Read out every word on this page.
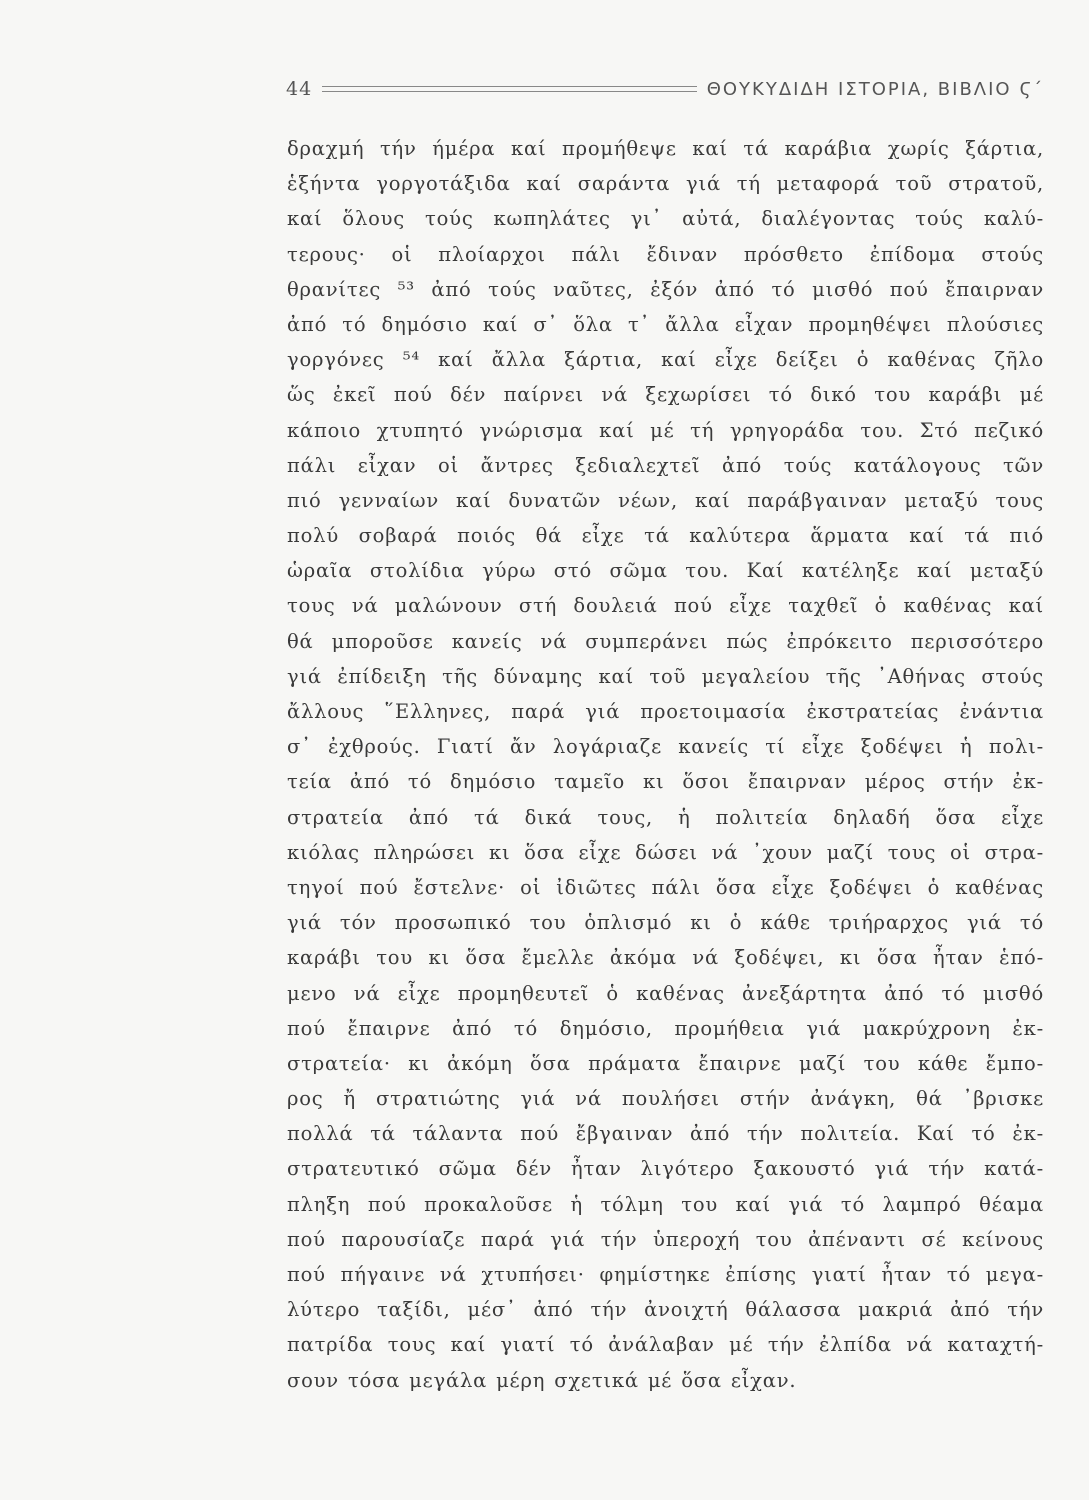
44	ΘΟΥΚΥΔΙΔΗ ΙΣΤΟΡΙΑ, ΒΙΒΛΙΟ Ϛ΄
δραχμή τήν ήμέρα καί προμήθεψε καί τά καράβια χωρίς ξάρτια,
ἑξήντα γοργοτάξιδα καί σαράντα γιά τή μεταφορά τοῦ στρατοῦ,
καί ὅλους τούς κωπηλάτες γι᾿ αὐτά, διαλέγοντας τούς καλύ-
τερους· οἱ πλοίαρχοι πάλι ἔδιναν πρόσθετο ἐπίδομα στούς
θρανίτες ⁵³ ἀπό τούς ναῦτες, ἐξόν ἀπό τό μισθό πού ἔπαιρναν
ἀπό τό δημόσιο καί σ᾿ ὅλα τ᾿ ἄλλα εἶχαν προμηθέψει πλούσιες
γοργόνες ⁵⁴ καί ἄλλα ξάρτια, καί εἶχε δείξει ὁ καθένας ζῆλο
ὥς ἐκεῖ πού δέν παίρνει νά ξεχωρίσει τό δικό του καράβι μέ
κάποιο χτυπητό γνώρισμα καί μέ τή γρηγοράδα του. Στό πεζικό
πάλι εἶχαν οἱ ἄντρες ξεδιαλεχτεῖ ἀπό τούς κατάλογους τῶν
πιό γενναίων καί δυνατῶν νέων, καί παράβγαιναν μεταξύ τους
πολύ σοβαρά ποιός θά εἶχε τά καλύτερα ἅρματα καί τά πιό
ὡραῖα στολίδια γύρω στό σῶμα του. Καί κατέληξε καί μεταξύ
τους νά μαλώνουν στή δουλειά πού εἶχε ταχθεῖ ὁ καθένας καί
θά μποροῦσε κανείς νά συμπεράνει πώς ἐπρόκειτο περισσότερο
γιά ἐπίδειξη τῆς δύναμης καί τοῦ μεγαλείου τῆς ᾿Αθήνας στούς
ἄλλους ῞Ελληνες, παρά γιά προετοιμασία ἐκστρατείας ἐνάντια
σ᾿ ἐχθρούς. Γιατί ἄν λογάριαζε κανείς τί εἶχε ξοδέψει ἡ πολι-
τεία ἀπό τό δημόσιο ταμεῖο κι ὅσοι ἔπαιρναν μέρος στήν ἐκ-
στρατεία ἀπό τά δικά τους, ἡ πολιτεία δηλαδή ὅσα εἶχε
κιόλας πληρώσει κι ὅσα εἶχε δώσει νά ᾿χουν μαζί τους οἱ στρα-
τηγοί πού ἔστελνε· οἱ ἰδιῶτες πάλι ὅσα εἶχε ξοδέψει ὁ καθένας
γιά τόν προσωπικό του ὁπλισμό κι ὁ κάθε τριήραρχος γιά τό
καράβι του κι ὅσα ἔμελλε ἀκόμα νά ξοδέψει, κι ὅσα ἦταν ἑπό-
μενο νά εἶχε προμηθευτεῖ ὁ καθένας ἀνεξάρτητα ἀπό τό μισθό
πού ἔπαιρνε ἀπό τό δημόσιο, προμήθεια γιά μακρύχρονη ἐκ-
στρατεία· κι ἀκόμη ὅσα πράματα ἔπαιρνε μαζί του κάθε ἔμπο-
ρος ἤ στρατιώτης γιά νά πουλήσει στήν ἀνάγκη, θά ᾿βρισκε
πολλά τά τάλαντα πού ἔβγαιναν ἀπό τήν πολιτεία. Καί τό ἐκ-
στρατευτικό σῶμα δέν ἦταν λιγότερο ξακουστό γιά τήν κατά-
πληξη πού προκαλοῦσε ἡ τόλμη του καί γιά τό λαμπρό θέαμα
πού παρουσίαζε παρά γιά τήν ὑπεροχή του ἀπέναντι σέ κείνους
πού πήγαινε νά χτυπήσει· φημίστηκε ἐπίσης γιατί ἦταν τό μεγα-
λύτερο ταξίδι, μέσ᾿ ἀπό τήν ἀνοιχτή θάλασσα μακριά ἀπό τήν
πατρίδα τους καί γιατί τό ἀνάλαβαν μέ τήν ἐλπίδα νά καταχτή-
σουν τόσα μεγάλα μέρη σχετικά μέ ὅσα εἶχαν.
